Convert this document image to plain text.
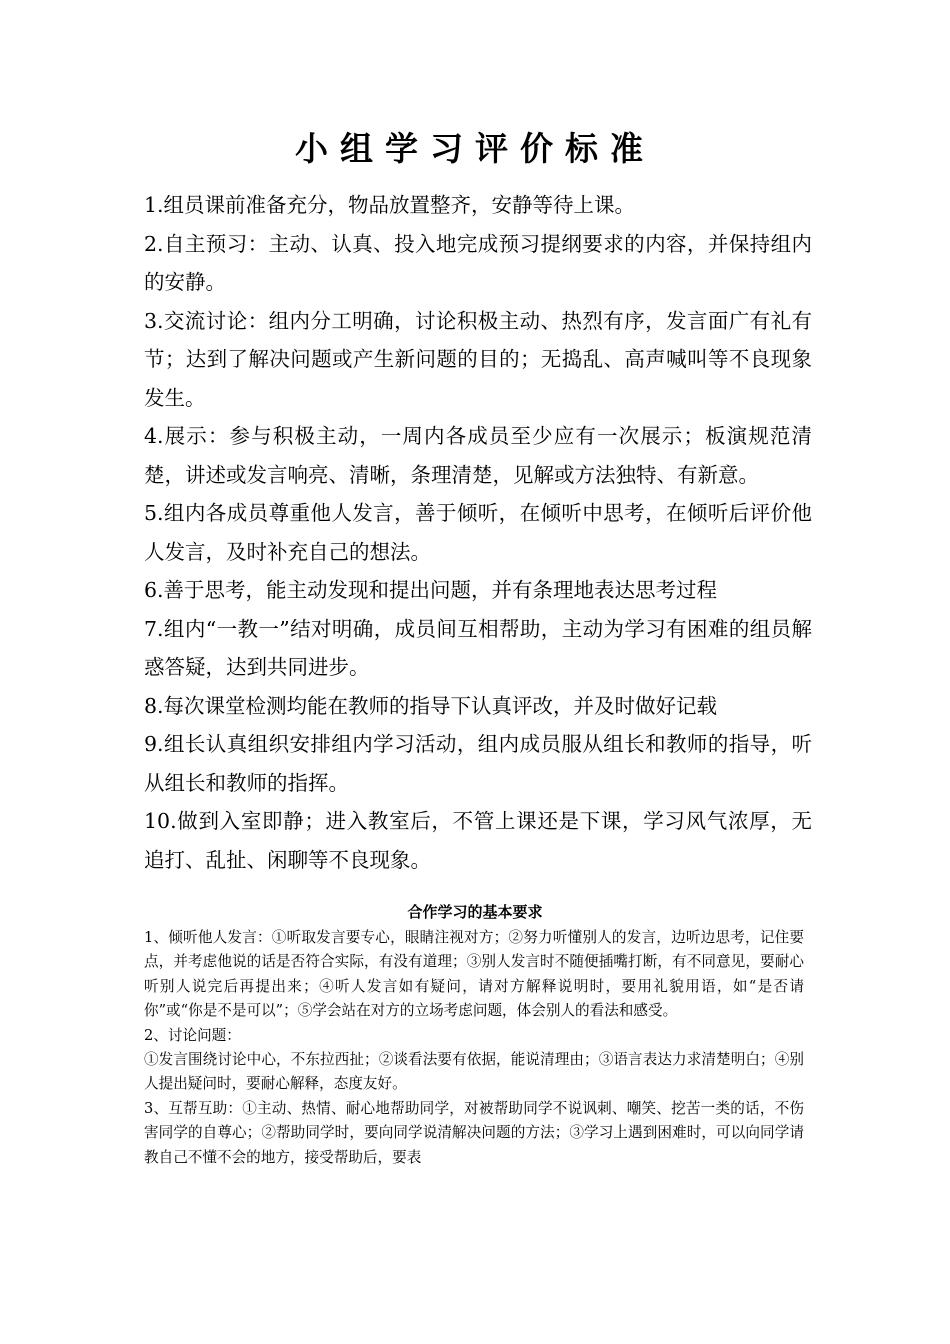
小组学习评价标准

1.组员课前准备充分，物品放置整齐，安静等待上课。

2.自主预习：主动、认真、投入地完成预习提纲要求的内容，并保持组内的安静。

3.交流讨论：组内分工明确，讨论积极主动、热烈有序，发言面广有礼有节；达到了解决问题或产生新问题的目的；无捣乱、高声喊叫等不良现象发生。

4.展示：参与积极主动，一周内各成员至少应有一次展示；板演规范清楚，讲述或发言响亮、清晰，条理清楚，见解或方法独特、有新意。

5.组内各成员尊重他人发言，善于倾听，在倾听中思考，在倾听后评价他人发言，及时补充自己的想法。

6.善于思考，能主动发现和提出问题，并有条理地表达思考过程

7.组内“一教一”结对明确，成员间互相帮助，主动为学习有困难的组员解惑答疑，达到共同进步。

8.每次课堂检测均能在教师的指导下认真评改，并及时做好记载

9.组长认真组织安排组内学习活动，组内成员服从组长和教师的指导，听从组长和教师的指挥。

10.做到入室即静；进入教室后，不管上课还是下课，学习风气浓厚，无追打、乱扯、闲聊等不良现象。

合作学习的基本要求

1、倾听他人发言：①听取发言要专心，眼睛注视对方；②努力听懂别人的发言，边听边思考，记住要点，并考虑他说的话是否符合实际，有没有道理；③别人发言时不随便插嘴打断，有不同意见，要耐心听别人说完后再提出来；④听人发言如有疑问，请对方解释说明时，要用礼貌用语，如“是否请你”或“你是不是可以”；⑤学会站在对方的立场考虑问题，体会别人的看法和感受。

2、讨论问题：

①发言围绕讨论中心，不东拉西扯；②谈看法要有依据，能说清理由；③语言表达力求清楚明白；④别人提出疑问时，要耐心解释，态度友好。

3、互帮互助：①主动、热情、耐心地帮助同学，对被帮助同学不说讽刺、嘲笑、挖苦一类的话，不伤害同学的自尊心；②帮助同学时，要向同学说清解决问题的方法；③学习上遇到困难时，可以向同学请教自己不懂不会的地方，接受帮助后，要表
